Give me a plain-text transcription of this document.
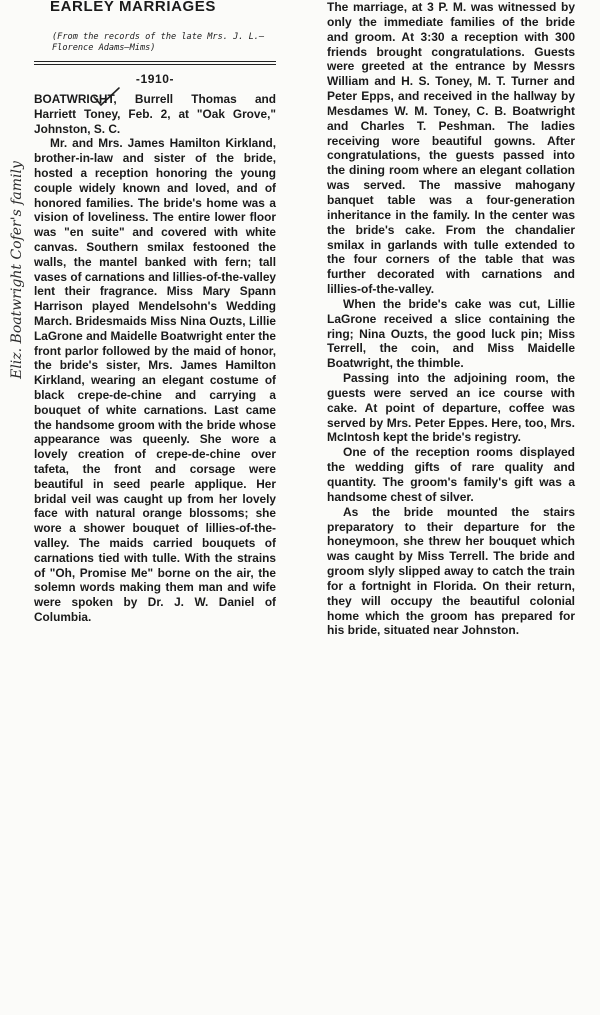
Eliz. Boatwright Cofer's family
EARLEY MARRIAGES
(From the records of the late Mrs. J. L.—Florence Adams—Mims)
-1910-

BOATWRIGHT, Burrell Thomas and Harriett Toney, Feb. 2, at "Oak Grove," Johnston, S. C.

Mr. and Mrs. James Hamilton Kirkland, brother-in-law and sister of the bride, hosted a reception honoring the young couple widely known and loved, and of honored families. The bride's home was a vision of loveliness. The entire lower floor was "en suite" and covered with white canvas. Southern smilax festooned the walls, the mantel banked with fern; tall vases of carnations and lillies-of-the-valley lent their fragrance. Miss Mary Spann Harrison played Mendelsohn's Wedding March. Bridesmaids Miss Nina Ouzts, Lillie LaGrone and Maidelle Boatwright enter the front parlor followed by the maid of honor, the bride's sister, Mrs. James Hamilton Kirkland, wearing an elegant costume of black crepe-de-chine and carrying a bouquet of white carnations. Last came the handsome groom with the bride whose appearance was queenly. She wore a lovely creation of crepe-de-chine over tafeta, the front and corsage were beautiful in seed pearle applique. Her bridal veil was caught up from her lovely face with natural orange blossoms; she wore a shower bouquet of lillies-of-the-valley. The maids carried bouquets of carnations tied with tulle. With the strains of "Oh, Promise Me" borne on the air, the solemn words making them man and wife were spoken by Dr. J. W. Daniel of Columbia.

The marriage, at 3 P. M. was witnessed by only the immediate families of the bride and groom. At 3:30 a reception with 300 friends brought congratulations. Guests were greeted at the entrance by Messrs William and H. S. Toney, M. T. Turner and Peter Epps, and received in the hallway by Mesdames W. M. Toney, C. B. Boatwright and Charles T. Peshman. The ladies receiving wore beautiful gowns. After congratulations, the guests passed into the dining room where an elegant collation was served. The massive mahogany banquet table was a four-generation inheritance in the family. In the center was the bride's cake. From the chandalier smilax in garlands with tulle extended to the four corners of the table that was further decorated with carnations and lillies-of-the-valley.

When the bride's cake was cut, Lillie LaGrone received a slice containing the ring; Nina Ouzts, the good luck pin; Miss Terrell, the coin, and Miss Maidelle Boatwright, the thimble.

Passing into the adjoining room, the guests were served an ice course with cake. At point of departure, coffee was served by Mrs. Peter Eppes. Here, too, Mrs. McIntosh kept the bride's registry.

One of the reception rooms displayed the wedding gifts of rare quality and quantity. The groom's family's gift was a handsome chest of silver.

As the bride mounted the stairs preparatory to their departure for the honeymoon, she threw her bouquet which was caught by Miss Terrell. The bride and groom slyly slipped away to catch the train for a fortnight in Florida. On their return, they will occupy the beautiful colonial home which the groom has prepared for his bride, situated near Johnston.
